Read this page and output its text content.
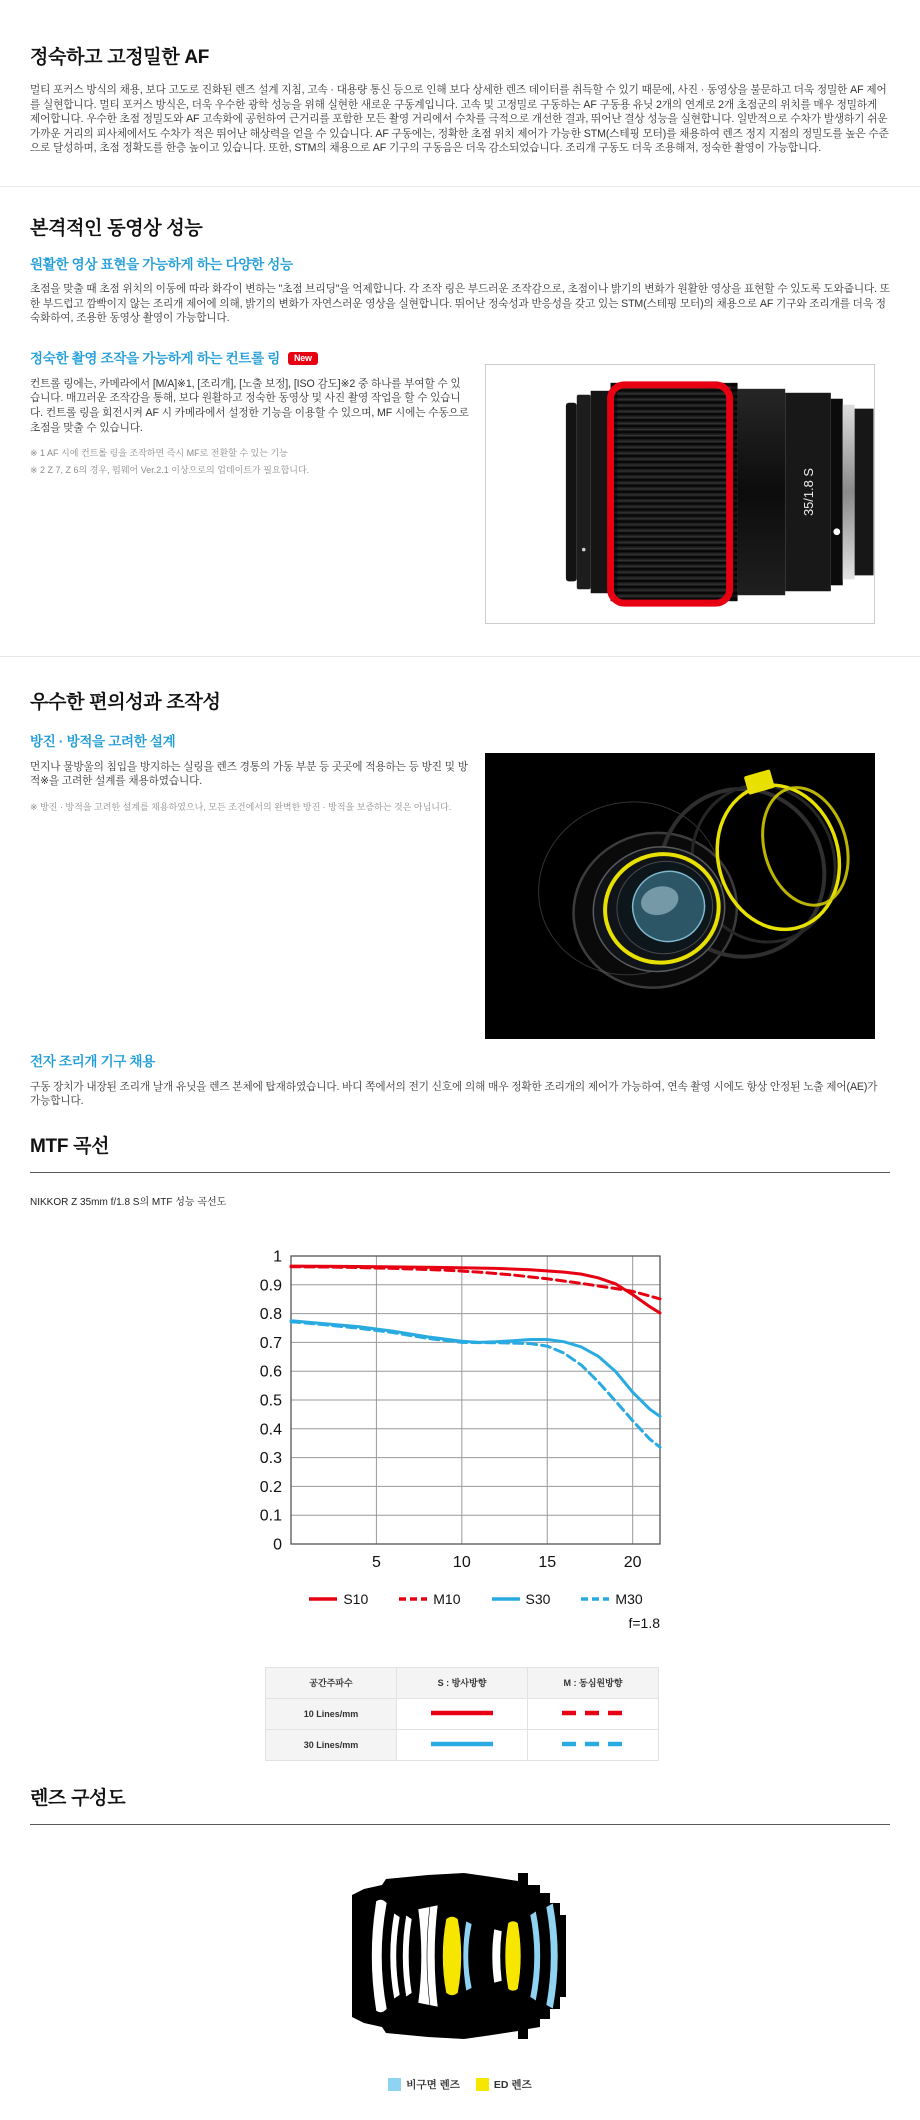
정숙하고 고정밀한 AF

멀티 포커스 방식의 채용, 보다 고도로 진화된 렌즈 설계 지침, 고속 · 대용량 통신 등으로 인해 보다 상세한 렌즈 데이터를 취득할 수 있기 때문에, 사진 · 동영상을 불문하고 더욱 정밀한 AF 제어를 실현합니다. 멀티 포커스 방식은, 더욱 우수한 광학 성능을 위해 실현한 새로운 구동계입니다. 고속 및 고정밀로 구동하는 AF 구동용 유닛 2개의 연계로 2개 초점군의 위치를 매우 정밀하게 제어합니다. 우수한 초점 정밀도와 AF 고속화에 공헌하여 근거리를 포함한 모든 촬영 거리에서 수차를 극적으로 개선한 결과, 뛰어난 결상 성능을 실현합니다. 일반적으로 수차가 발생하기 쉬운 가까운 거리의 피사체에서도 수차가 적은 뛰어난 해상력을 얻을 수 있습니다. AF 구동에는, 정확한 초점 위치 제어가 가능한 STM(스테핑 모터)를 채용하여 렌즈 정지 지점의 정밀도를 높은 수준으로 달성하며, 초점 정확도를 한층 높이고 있습니다. 또한, STM의 채용으로 AF 기구의 구동음은 더욱 감소되었습니다. 조리개 구동도 더욱 조용해져, 정숙한 촬영이 가능합니다.

본격적인 동영상 성능
원활한 영상 표현을 가능하게 하는 다양한 성능

초점을 맞출 때 초점 위치의 이동에 따라 화각이 변하는 "초점 브리딩"을 억제합니다. 각 조작 링은 부드러운 조작감으로, 초점이나 밝기의 변화가 원활한 영상을 표현할 수 있도록 도와줍니다. 또한 부드럽고 깜빡이지 않는 조리개 제어에 의해, 밝기의 변화가 자연스러운 영상을 실현합니다. 뛰어난 정숙성과 반응성을 갖고 있는 STM(스테핑 모터)의 채용으로 AF 기구와 조리개를 더욱 정숙화하여, 조용한 동영상 촬영이 가능합니다.

정숙한 촬영 조작을 가능하게 하는 컨트롤 링 New

컨트롤 링에는, 카메라에서 [M/A]※1, [조리개], [노출 보정], [ISO 감도]※2 중 하나를 부여할 수 있습니다. 매끄러운 조작감을 통해, 보다 원활하고 정숙한 동영상 및 사진 촬영 작업을 할 수 있습니다. 컨트롤 링을 회전시켜 AF 시 카메라에서 설정한 기능을 이용할 수 있으며, MF 시에는 수동으로 초점을 맞출 수 있습니다.

※ 1 AF 시에 컨트롤 링을 조작하면 즉시 MF로 전환할 수 있는 기능
※ 2 Z 7, Z 6의 경우, 펌웨어 Ver.2.1 이상으로의 업데이트가 필요합니다.	35/1.8 S
우수한 편의성과 조작성
방진 · 방적을 고려한 설계

먼지나 물방울의 침입을 방지하는 실링을 렌즈 경통의 가동 부분 등 곳곳에 적용하는 등 방진 및 방적※을 고려한 설계를 채용하였습니다.

※ 방진 · 방적을 고려한 설계를 채용하였으나, 모든 조건에서의 완벽한 방진 · 방적을 보증하는 것은 아닙니다.
전자 조리개 기구 채용

구동 장치가 내장된 조리개 날개 유닛을 렌즈 본체에 탑재하였습니다. 바디 쪽에서의 전기 신호에 의해 매우 정확한 조리개의 제어가 가능하여, 연속 촬영 시에도 항상 안정된 노출 제어(AE)가 가능합니다.

MTF 곡선

NIKKOR Z 35mm f/1.8 S의 MTF 성능 곡선도

0
0.1
0.2
0.3
0.4
0.5
0.6
0.7
0.8
0.9
1
5	10	15	20
S10	M10	S30	M30
f=1.8
공간주파수	S : 방사방향	M : 동심원방향
10 Lines/mm		
30 Lines/mm		
렌즈 구성도
비구면 렌즈	ED 렌즈
